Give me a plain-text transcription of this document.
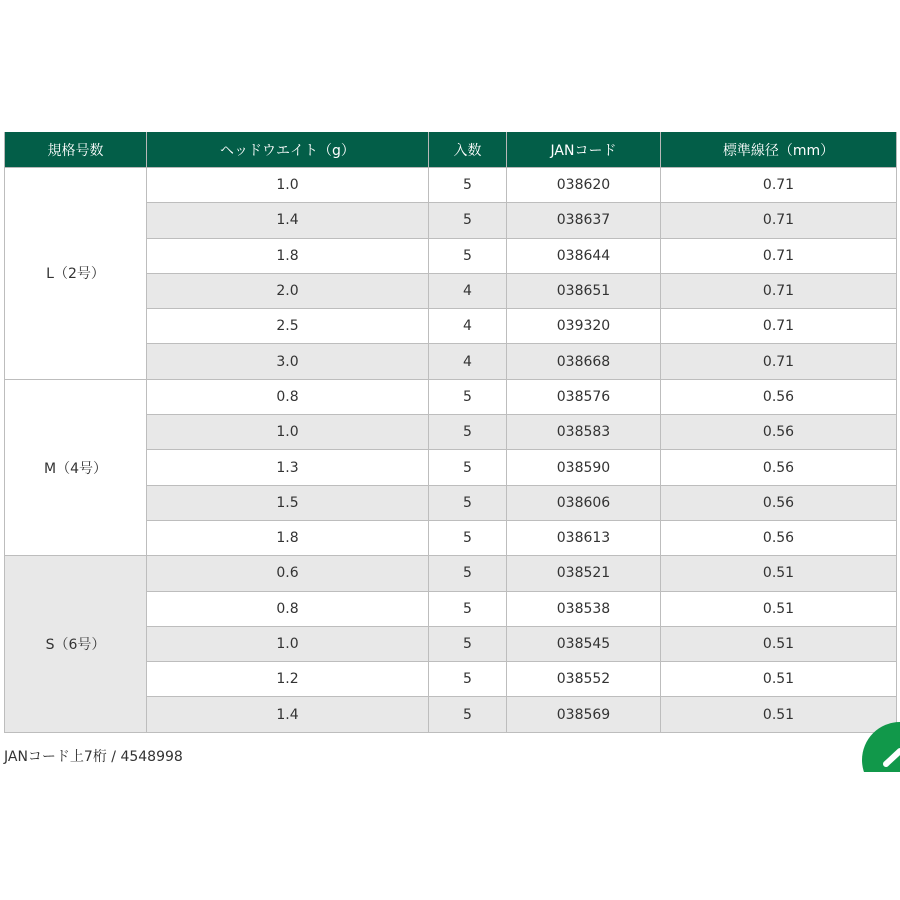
規格号数	ヘッドウエイト（g）	入数	JANコード	標準線径（mm）
L（2号）	1.0	5	038620	0.71
	1.4	5	038637	0.71
	1.8	5	038644	0.71
	2.0	4	038651	0.71
	2.5	4	039320	0.71
	3.0	4	038668	0.71
M（4号）	0.8	5	038576	0.56
	1.0	5	038583	0.56
	1.3	5	038590	0.56
	1.5	5	038606	0.56
	1.8	5	038613	0.56
S（6号）	0.6	5	038521	0.51
	0.8	5	038538	0.51
	1.0	5	038545	0.51
	1.2	5	038552	0.51
	1.4	5	038569	0.51
JANコード上7桁 / 4548998
